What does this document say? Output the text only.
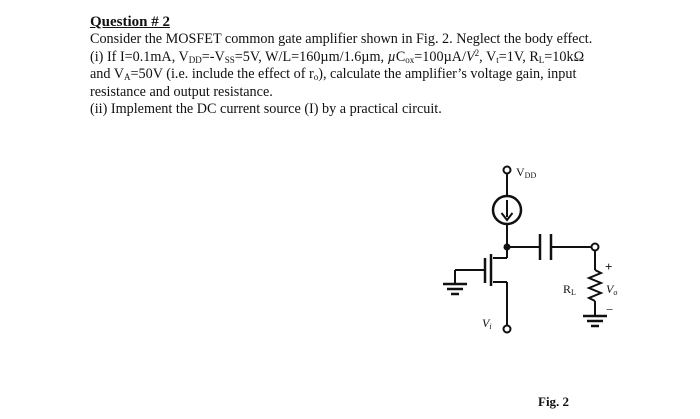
Question # 2

Consider the MOSFET common gate amplifier shown in Fig. 2. Neglect the body effect.

(i) If I=0.1mA, $V_{DD}=-V_{SS}=5V$, W/L=160µm/1.6µm, $\mu C_{ox}=100\mu A/V^2$, $V_t=1V$, $R_L=10k\Omega$

and $V_A=50V$ (i.e. include the effect of $r_o$), calculate the amplifier’s voltage gain, input

resistance and output resistance.

(ii) Implement the DC current source (I) by a practical circuit.

VDD
RL
+
Vo
−
Vi
Fig. 2
